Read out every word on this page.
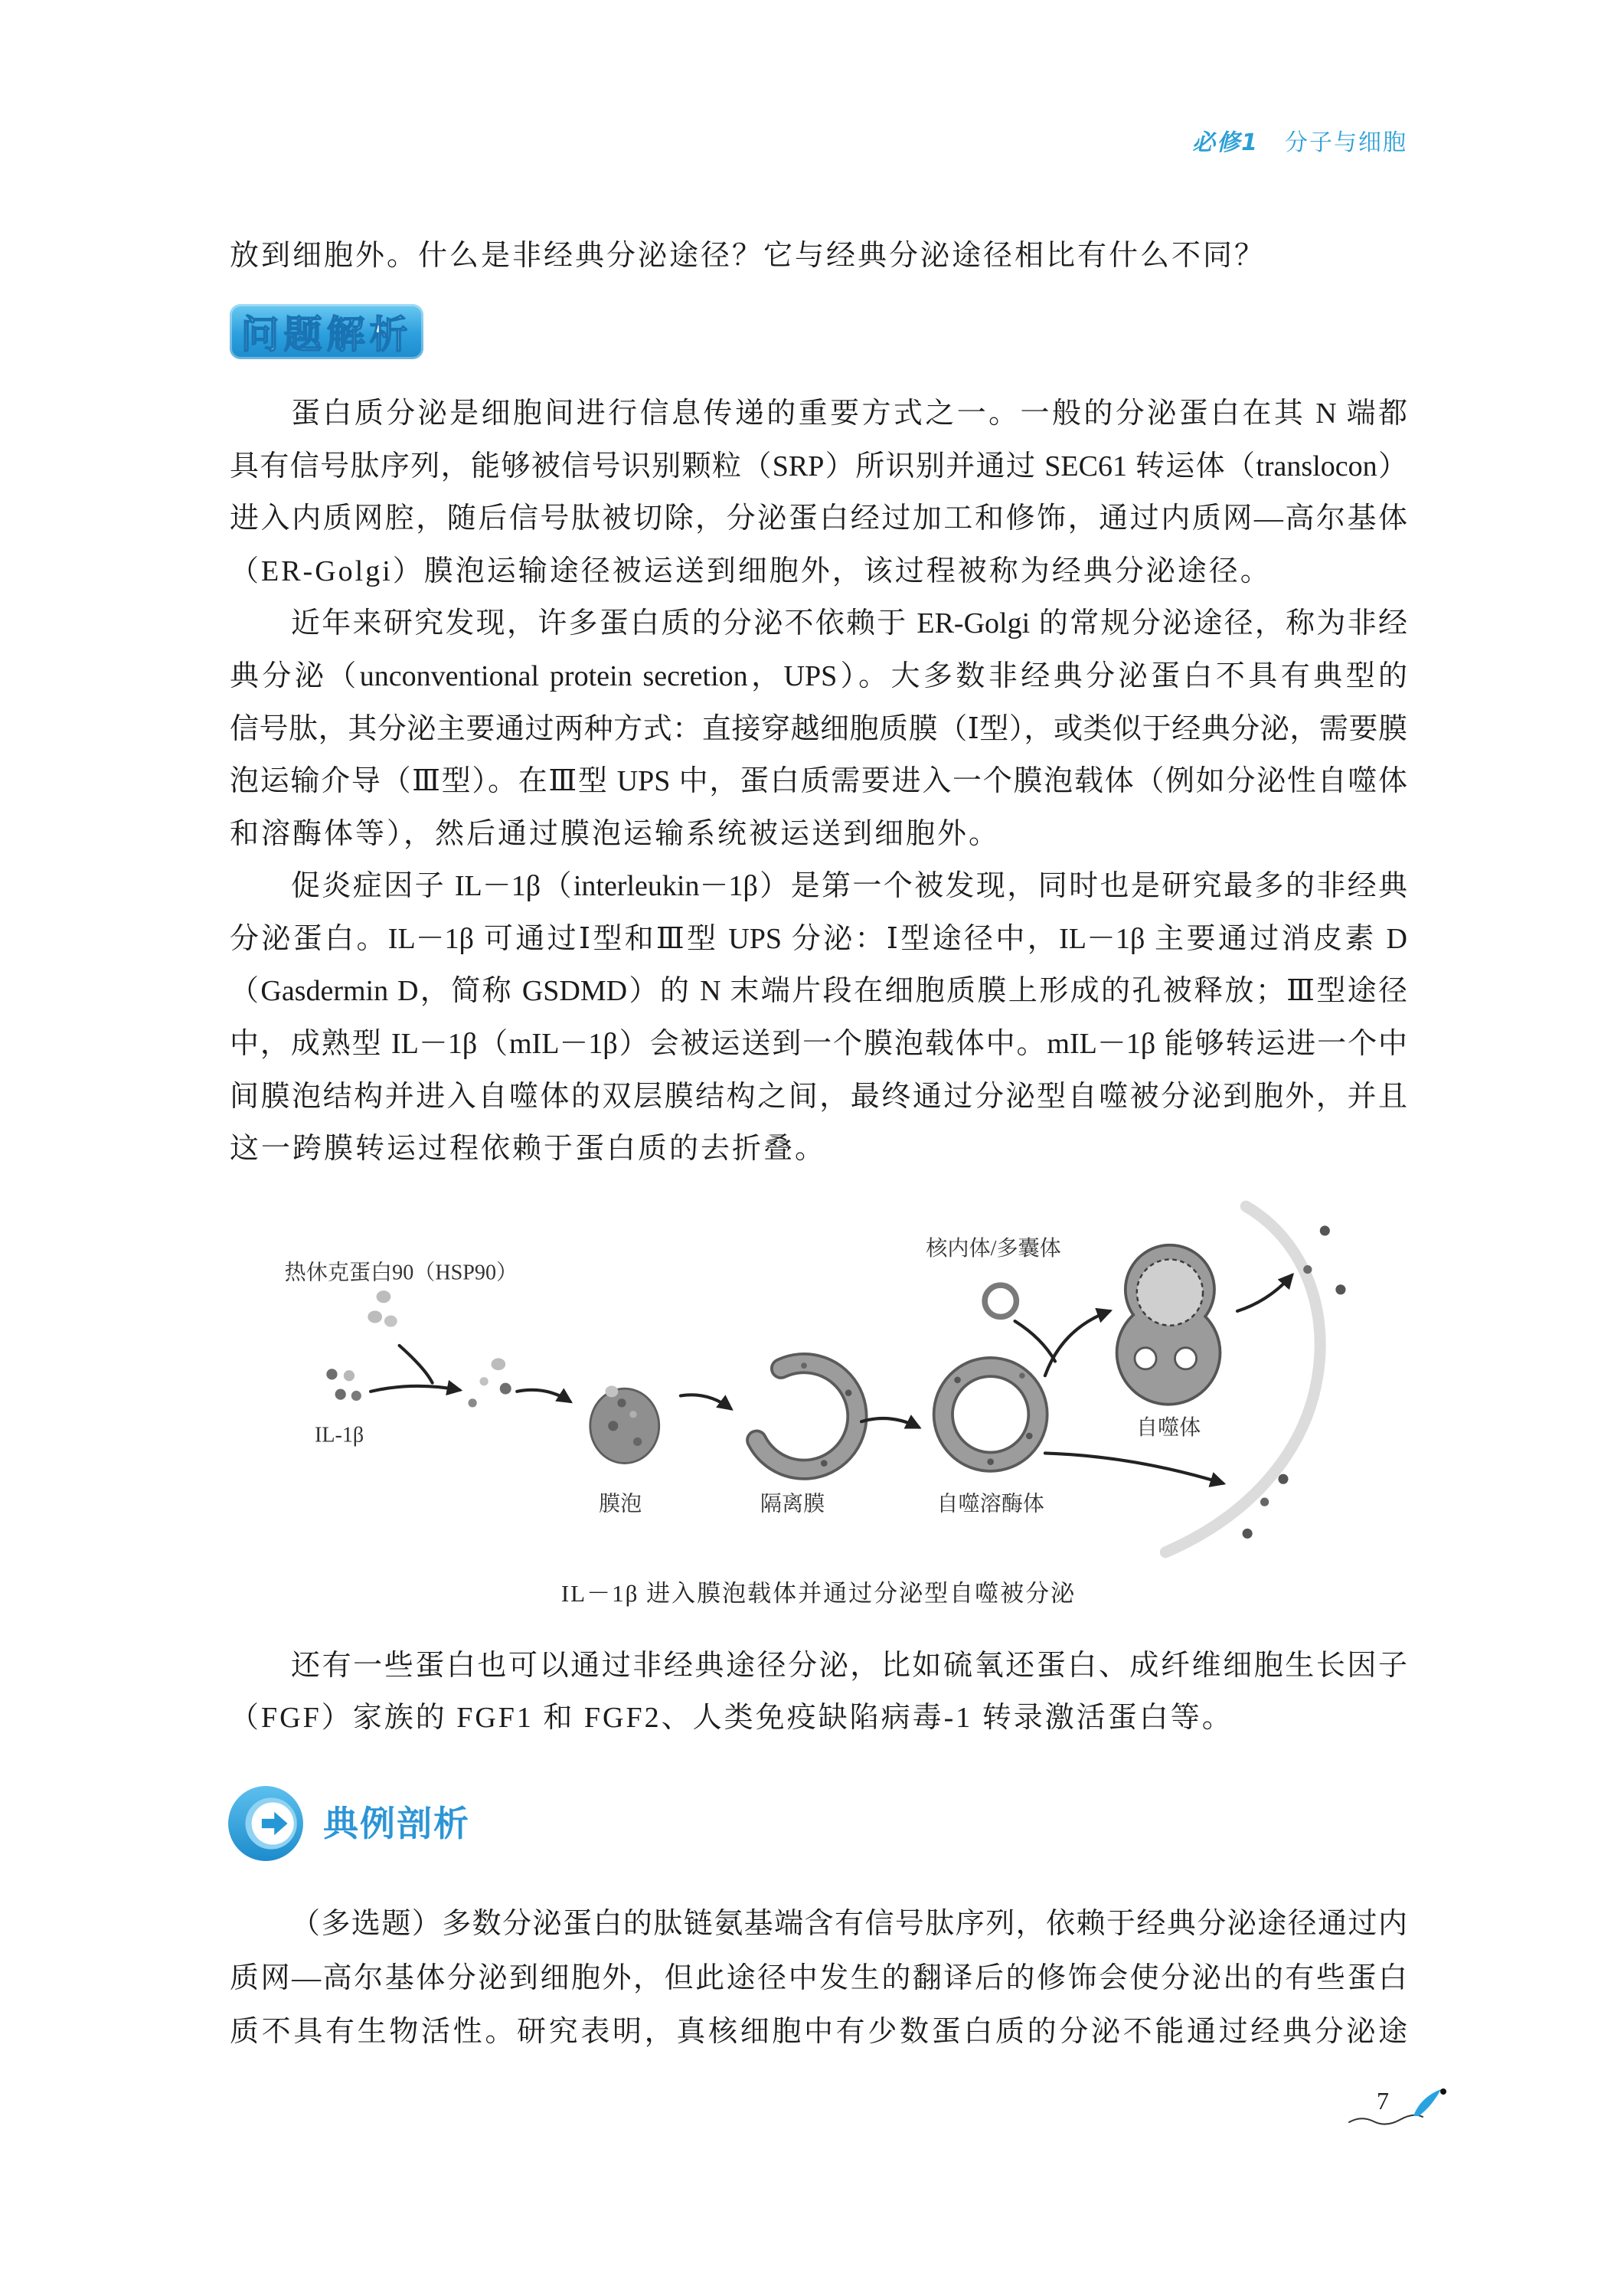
必修1 分子与细胞
放到细胞外。什么是非经典分泌途径？它与经典分泌途径相比有什么不同？
问题解析
蛋白质分泌是细胞间进行信息传递的重要方式之一。一般的分泌蛋白在其 N 端都
具有信号肽序列，能够被信号识别颗粒（SRP）所识别并通过 SEC61 转运体（translocon）
进入内质网腔，随后信号肽被切除，分泌蛋白经过加工和修饰，通过内质网—高尔基体
（ER-Golgi）膜泡运输途径被运送到细胞外，该过程被称为经典分泌途径。
近年来研究发现，许多蛋白质的分泌不依赖于 ER-Golgi 的常规分泌途径，称为非经
典分泌（unconventional protein secretion，UPS）。大多数非经典分泌蛋白不具有典型的
信号肽，其分泌主要通过两种方式：直接穿越细胞质膜（Ⅰ型），或类似于经典分泌，需要膜
泡运输介导（Ⅲ型）。在Ⅲ型 UPS 中，蛋白质需要进入一个膜泡载体（例如分泌性自噬体
和溶酶体等），然后通过膜泡运输系统被运送到细胞外。
促炎症因子 IL－1β（interleukin－1β）是第一个被发现，同时也是研究最多的非经典
分泌蛋白。IL－1β 可通过Ⅰ型和Ⅲ型 UPS 分泌：Ⅰ型途径中，IL－1β 主要通过消皮素 D
（Gasdermin D，简称 GSDMD）的 N 末端片段在细胞质膜上形成的孔被释放；Ⅲ型途径
中，成熟型 IL－1β（mIL－1β）会被运送到一个膜泡载体中。mIL－1β 能够转运进一个中
间膜泡结构并进入自噬体的双层膜结构之间，最终通过分泌型自噬被分泌到胞外，并且
这一跨膜转运过程依赖于蛋白质的去折叠。
热休克蛋白90（HSP90）
IL-1β
膜泡	隔离膜	自噬溶酶体
核内体/多囊体
自噬体
IL－1β 进入膜泡载体并通过分泌型自噬被分泌
还有一些蛋白也可以通过非经典途径分泌，比如硫氧还蛋白、成纤维细胞生长因子
（FGF）家族的 FGF1 和 FGF2、人类免疫缺陷病毒-1 转录激活蛋白等。
典例剖析
（多选题）多数分泌蛋白的肽链氨基端含有信号肽序列，依赖于经典分泌途径通过内
质网—高尔基体分泌到细胞外，但此途径中发生的翻译后的修饰会使分泌出的有些蛋白
质不具有生物活性。研究表明，真核细胞中有少数蛋白质的分泌不能通过经典分泌途
7
